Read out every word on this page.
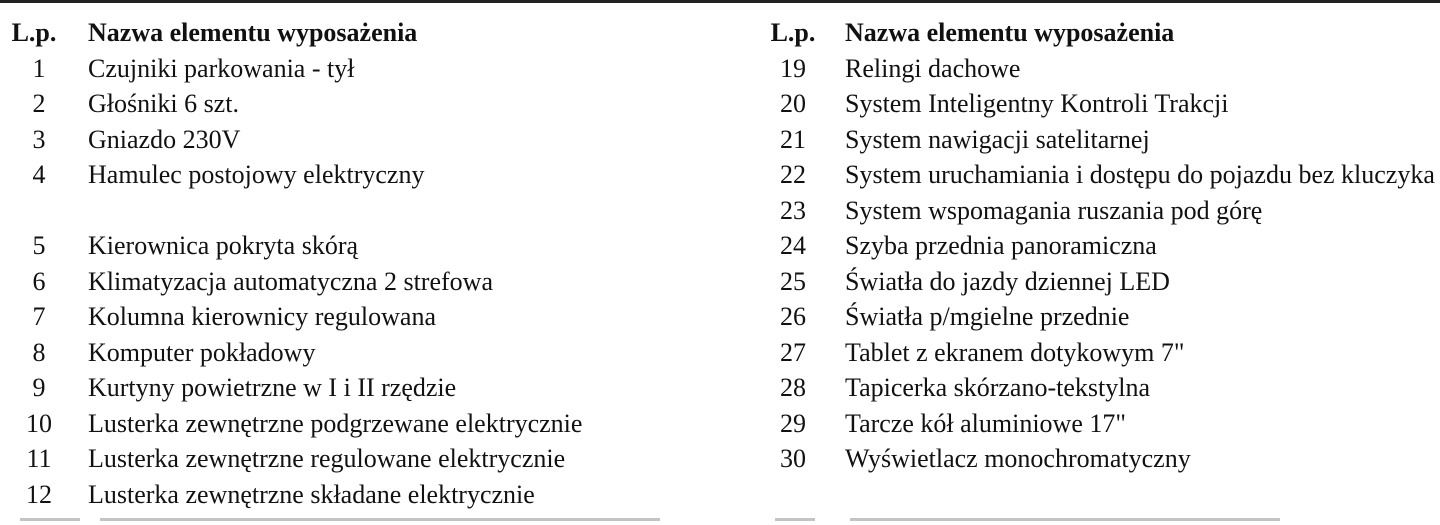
L.p. Nazwa elementu wyposażenia
1	Czujniki parkowania - tył
2	Głośniki 6 szt.
3	Gniazdo 230V
4	Hamulec postojowy elektryczny

5	Kierownica pokryta skórą
6	Klimatyzacja automatyczna 2 strefowa
7	Kolumna kierownicy regulowana
8	Komputer pokładowy
9	Kurtyny powietrzne w I i II rzędzie
10	Lusterka zewnętrzne podgrzewane elektrycznie
11	Lusterka zewnętrzne regulowane elektrycznie
12	Lusterka zewnętrzne składane elektrycznie
L.p. Nazwa elementu wyposażenia
19	Relingi dachowe
20	System Inteligentny Kontroli Trakcji
21	System nawigacji satelitarnej
22	System uruchamiania i dostępu do pojazdu bez kluczyka
23	System wspomagania ruszania pod górę
24	Szyba przednia panoramiczna
25	Światła do jazdy dziennej LED
26	Światła p/mgielne przednie
27	Tablet z ekranem dotykowym 7"
28	Tapicerka skórzano-tekstylna
29	Tarcze kół aluminiowe 17"
30	Wyświetlacz monochromatyczny
